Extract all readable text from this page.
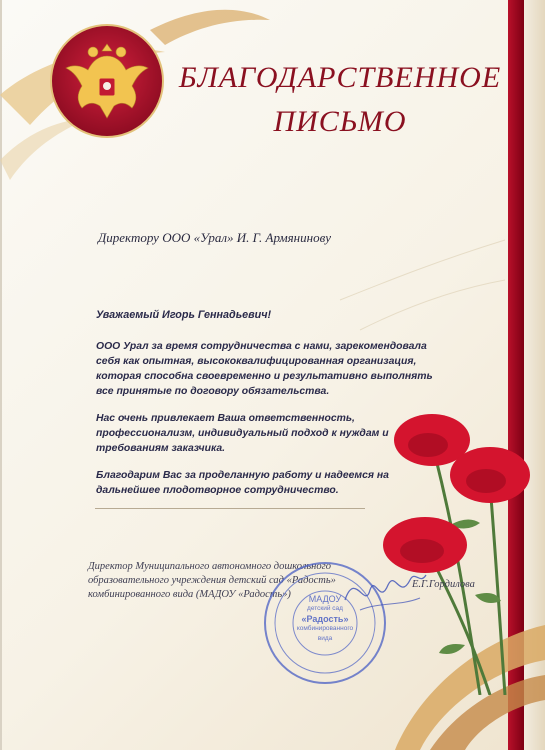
БЛАГОДАРСТВЕННОЕ
ПИСЬМО
Директору ООО «Урал» И. Г. Армянинову

Уважаемый Игорь Геннадьевич!

ООО Урал за время сотрудничества с нами, зарекомендовала себя как опытная, высококвалифицированная организация, которая способна своевременно и результативно выполнять все принятые по договору обязательства.

Нас очень привлекает Ваша ответственность, профессионализм, индивидуальный подход к нуждам и требованиям заказчика.

Благодарим Вас за проделанную работу и надеемся на дальнейшее плодотворное сотрудничество.

Директор Муниципального автономного дошкольного образовательного учреждения детский сад «Радость» комбинированного вида (МАДОУ «Радость»)
Е.Г.Гордилова
МАДОУ
детский сад
«Радость»
комбинированного
вида
